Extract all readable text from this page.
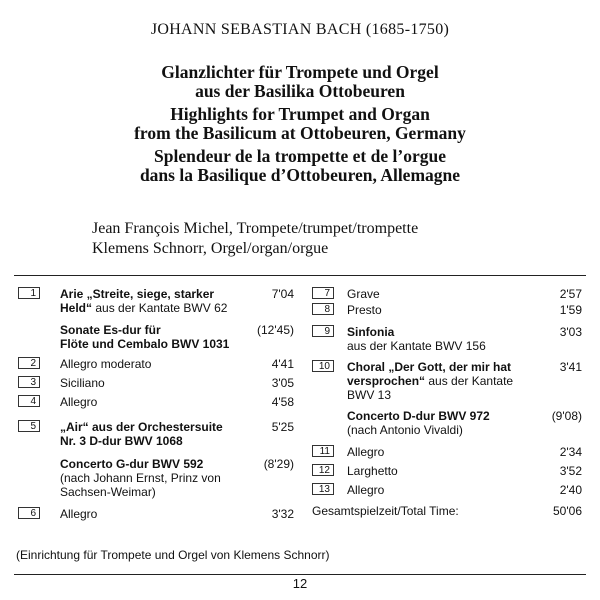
JOHANN SEBASTIAN BACH (1685-1750)
Glanzlichter für Trompete und Orgel
aus der Basilika Ottobeuren
Highlights for Trumpet and Organ
from the Basilicum at Ottobeuren, Germany
Splendeur de la trompette et de l’orgue
dans la Basilique d’Ottobeuren, Allemagne
Jean François Michel, Trompete/trumpet/trompette
Klemens Schnorr, Orgel/organ/orgue
1	Arie „Streite, siege, starker
Held“ aus der Kantate BWV 62
7'04
Sonate Es-dur für
Flöte und Cembalo BWV 1031
(12'45)
2	Allegro moderato	4'41
3	Siciliano	3'05
4	Allegro	4'58
5	„Air“ aus der Orchestersuite
Nr. 3 D-dur BWV 1068
5'25
Concerto G-dur BWV 592
(nach Johann Ernst, Prinz von
Sachsen-Weimar)
(8'29)
6	Allegro	3'32
7	Grave	2'57
8	Presto	1'59
9	Sinfonia
aus der Kantate BWV 156
3'03
10	Choral „Der Gott, der mir hat
versprochen“ aus der Kantate
BWV 13
3'41
Concerto D-dur BWV 972
(nach Antonio Vivaldi)
(9'08)
11	Allegro	2'34
12	Larghetto	3'52
13	Allegro	2'40
Gesamtspielzeit/Total Time:	50'06
(Einrichtung für Trompete und Orgel von Klemens Schnorr)
12
